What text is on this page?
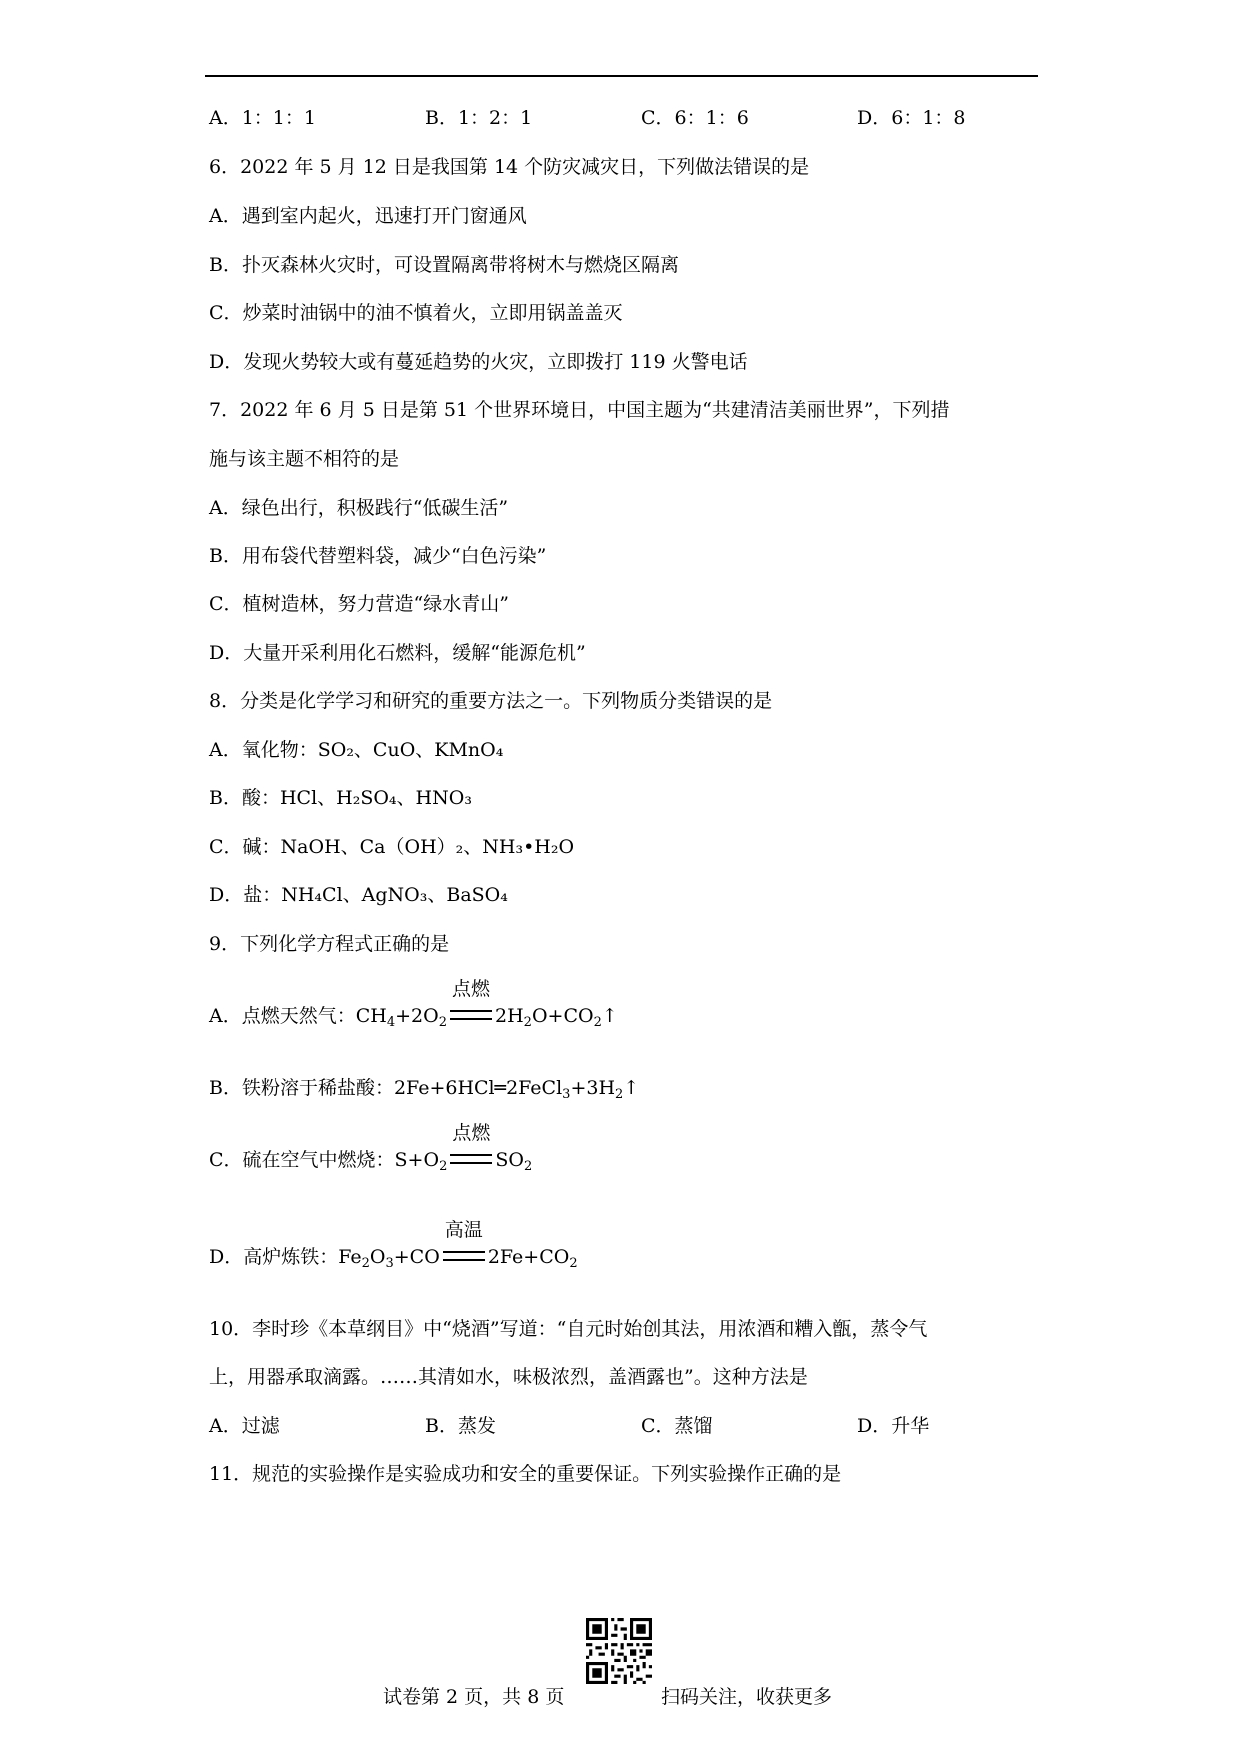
A．1：1：1	B．1：2：1	C．6：1：6	D．6：1：8
6．2022 年 5 月 12 日是我国第 14 个防灾减灾日，下列做法错误的是
A．遇到室内起火，迅速打开门窗通风
B．扑灭森林火灾时，可设置隔离带将树木与燃烧区隔离
C．炒菜时油锅中的油不慎着火，立即用锅盖盖灭
D．发现火势较大或有蔓延趋势的火灾，立即拨打 119 火警电话
7．2022 年 6 月 5 日是第 51 个世界环境日，中国主题为“共建清洁美丽世界”，下列措
施与该主题不相符的是
A．绿色出行，积极践行“低碳生活”
B．用布袋代替塑料袋，减少“白色污染”
C．植树造林，努力营造“绿水青山”
D．大量开采利用化石燃料，缓解“能源危机”
8．分类是化学学习和研究的重要方法之一。下列物质分类错误的是
A．氧化物：SO₂、CuO、KMnO₄
B．酸：HCl、H₂SO₄、HNO₃
C．碱：NaOH、Ca（OH）₂、NH₃•H₂O
D．盐：NH₄Cl、AgNO₃、BaSO₄
9．下列化学方程式正确的是
A．点燃天然气：$CH_4+2O_2$
点燃
$2H_2O+CO_2↑$
B．铁粉溶于稀盐酸：$2Fe+6HCl═2FeCl_3+3H_2↑$
C．硫在空气中燃烧：$S+O_2$
点燃
$SO_2$
D．高炉炼铁：$Fe_2O_3+CO$
高温
$2Fe+CO_2$
10．李时珍《本草纲目》中“烧酒”写道：“自元时始创其法，用浓酒和糟入甑，蒸令气
上，用器承取滴露。……其清如水，味极浓烈，盖酒露也”。这种方法是
A．过滤	B．蒸发	C．蒸馏	D．升华
11．规范的实验操作是实验成功和安全的重要保证。下列实验操作正确的是
试卷第 2 页，共 8 页	扫码关注，收获更多
